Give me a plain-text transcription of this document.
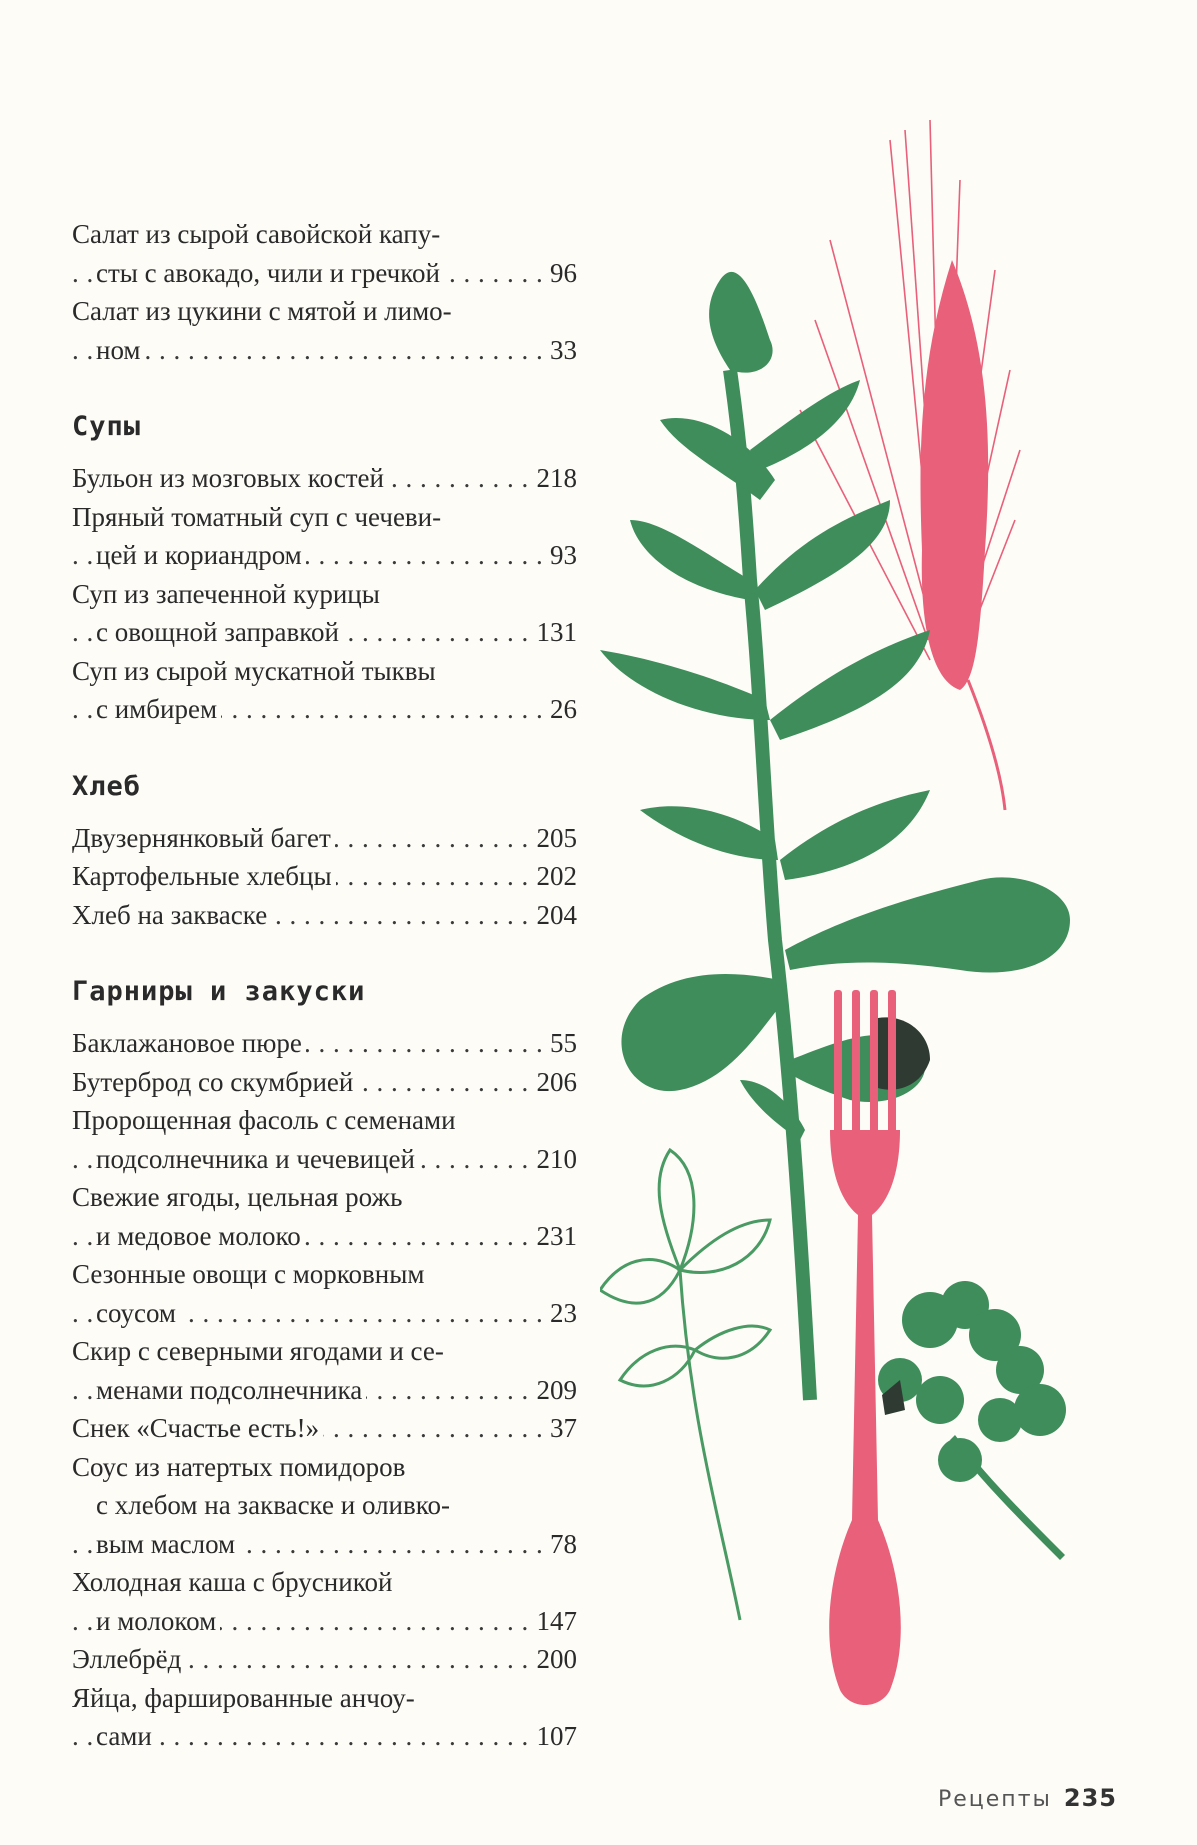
Салат из сырой савойской капу-
. . . сты с авокадо, чили и гречкой	96
Салат из цукини с мятой и лимо-
. . . ном	33
Супы
. . . Бульон из мозговых костей	218
Пряный томатный суп с чечеви-
. . . цей и кориандром	93
Суп из запеченной курицы
. . . с овощной заправкой	131
Суп из сырой мускатной тыквы
. . . с имбирем	26
Хлеб
. . . Двузернянковый багет	205
. . . Картофельные хлебцы	202
. . . Хлеб на закваске	204
Гарниры и закуски
. . . Баклажановое пюре	55
. . . Бутерброд со скумбрией	206
Пророщенная фасоль с семенами
. . . подсолнечника и чечевицей	210
Свежие ягоды, цельная рожь
. . . и медовое молоко	231
Сезонные овощи с морковным
. . . соусом	23
Скир с северными ягодами и се-
. . . менами подсолнечника	209
. . . Снек «Счастье есть!»	37
Соус из натертых помидоров
с хлебом на закваске и оливко-
. . . вым маслом	78
Холодная каша с брусникой
. . . и молоком	147
. . . Эллебрёд	200
Яйца, фаршированные анчоу-
. . . сами	107
Рецепты 235
